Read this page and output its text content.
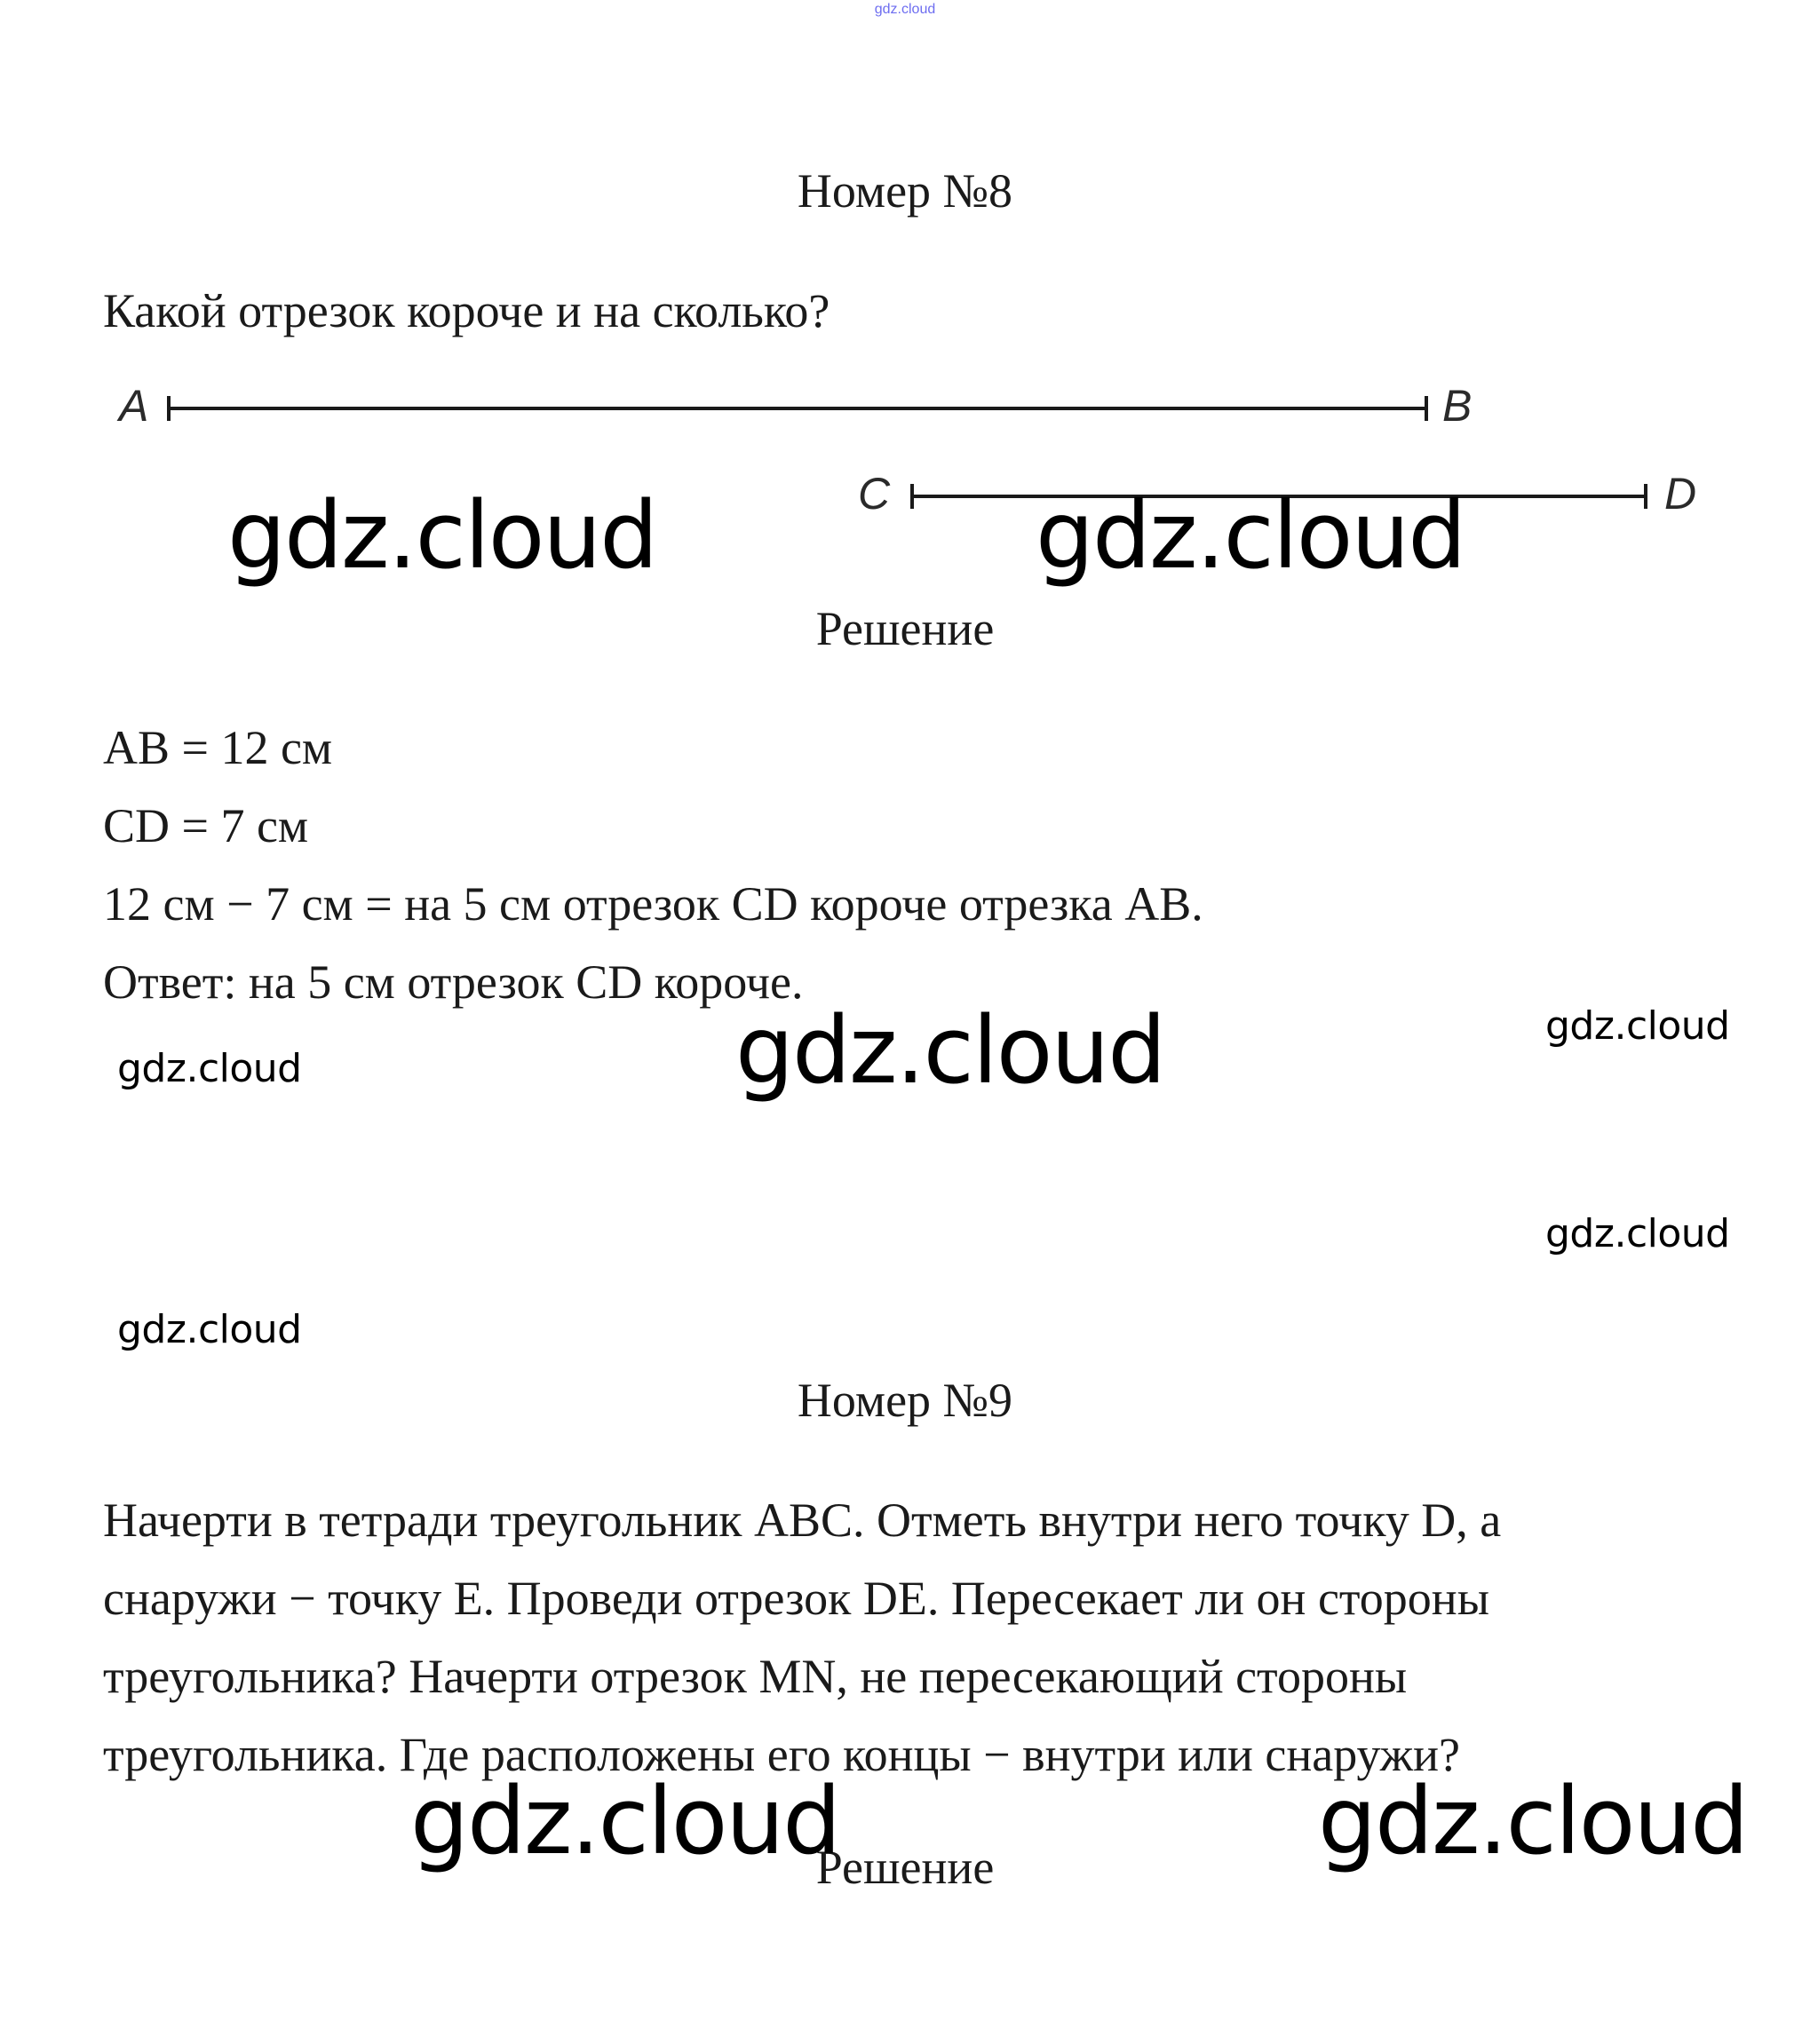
gdz.cloud
Номер №8
Какой отрезок короче и на сколько?
A	B
C	D
Решение
AB = 12 см
CD = 7 см
12 см − 7 см = на 5 см отрезок CD короче отрезка AB.
Ответ: на 5 см отрезок CD короче.
Номер №9
Начерти в тетради треугольник ABC. Отметь внутри него точку D, а
снаружи − точку E. Проведи отрезок DE. Пересекает ли он стороны
треугольника? Начерти отрезок MN, не пересекающий стороны
треугольника. Где расположены его концы − внутри или снаружи?
Решение
gdz.cloud	gdz.cloud
gdz.cloud	gdz.cloud
gdz.cloud
gdz.cloud
gdz.cloud
gdz.cloud	gdz.cloud
